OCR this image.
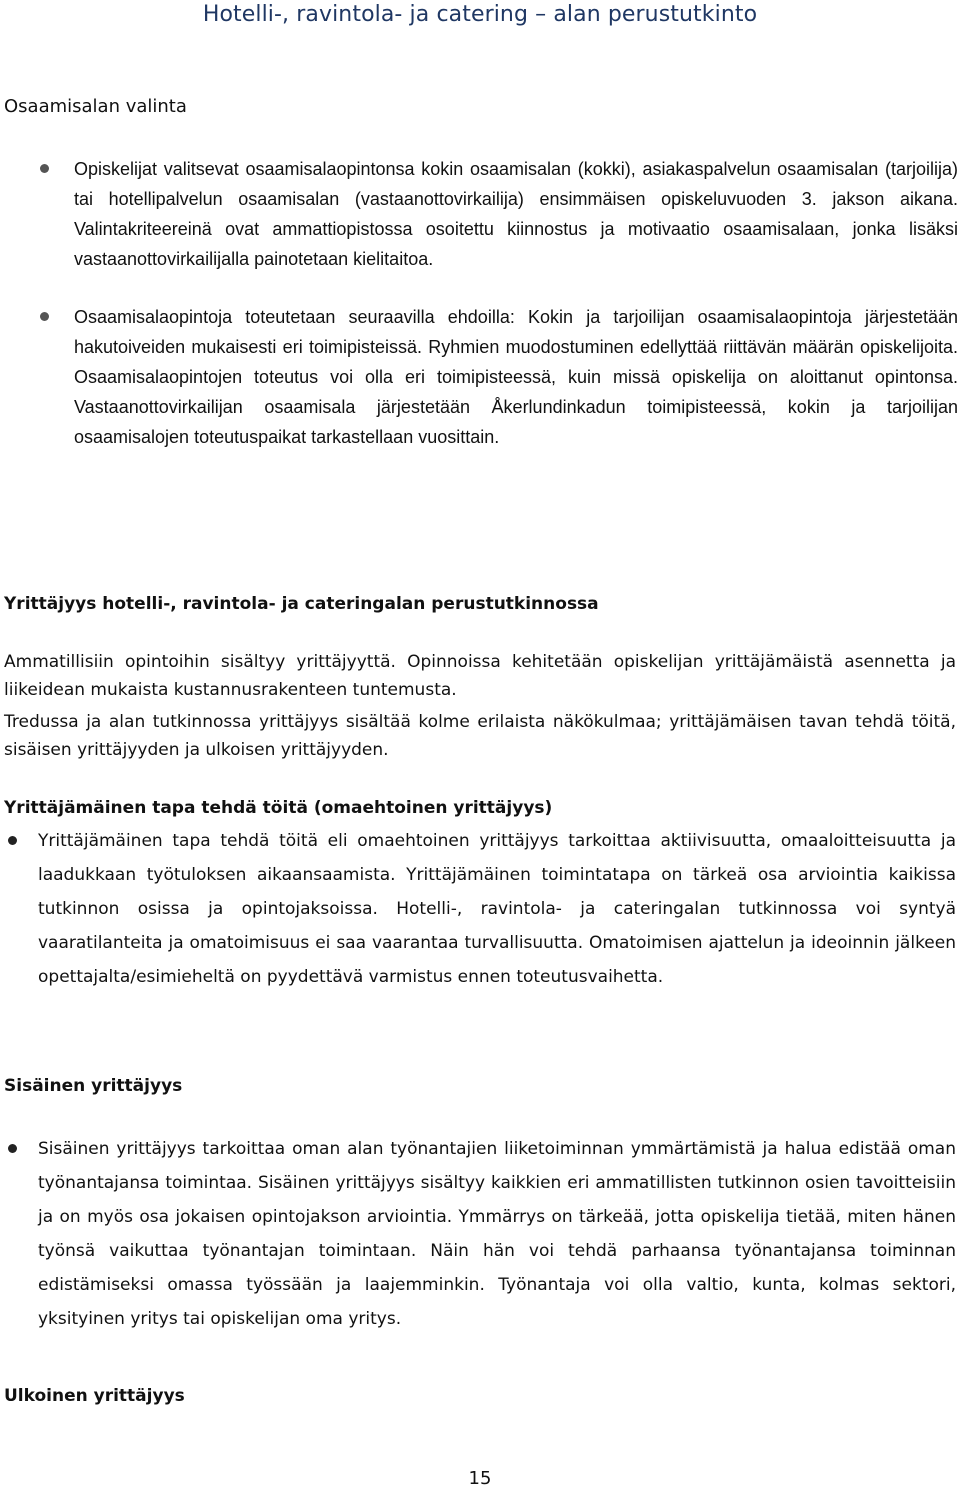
Hotelli-, ravintola- ja catering – alan perustutkinto
Osaamisalan valinta
Opiskelijat valitsevat osaamisalaopintonsa kokin osaamisalan (kokki), asiakaspalvelun osaamisalan (tarjoilija) tai hotellipalvelun osaamisalan (vastaanottovirkailija) ensimmäisen opiskeluvuoden 3. jakson aikana. Valintakriteereinä ovat ammattiopistossa osoitettu kiinnostus ja motivaatio osaamisalaan, jonka lisäksi vastaanottovirkailijalla painotetaan kielitaitoa.
Osaamisalaopintoja toteutetaan seuraavilla ehdoilla: Kokin ja tarjoilijan osaamisalaopintoja järjestetään hakutoiveiden mukaisesti eri toimipisteissä. Ryhmien muodostuminen edellyttää riittävän määrän opiskelijoita. Osaamisalaopintojen toteutus voi olla eri toimipisteessä, kuin missä opiskelija on aloittanut opintonsa. Vastaanottovirkailijan osaamisala järjestetään Åkerlundinkadun toimipisteessä, kokin ja tarjoilijan osaamisalojen toteutuspaikat tarkastellaan vuosittain.
Yrittäjyys hotelli-, ravintola- ja cateringalan perustutkinnossa
Ammatillisiin opintoihin sisältyy yrittäjyyttä. Opinnoissa kehitetään opiskelijan yrittäjämäistä asennetta ja liikeidean mukaista kustannusrakenteen tuntemusta.
Tredussa ja alan tutkinnossa yrittäjyys sisältää kolme erilaista näkökulmaa; yrittäjämäisen tavan tehdä töitä, sisäisen yrittäjyyden ja ulkoisen yrittäjyyden.
Yrittäjämäinen tapa tehdä töitä (omaehtoinen yrittäjyys)
Yrittäjämäinen tapa tehdä töitä eli omaehtoinen yrittäjyys tarkoittaa aktiivisuutta, omaaloitteisuutta ja laadukkaan työtuloksen aikaansaamista. Yrittäjämäinen toimintatapa on tärkeä osa arviointia kaikissa tutkinnon osissa ja opintojaksoissa. Hotelli-, ravintola- ja cateringalan tutkinnossa voi syntyä vaaratilanteita ja omatoimisuus ei saa vaarantaa turvallisuutta. Omatoimisen ajattelun ja ideoinnin jälkeen opettajalta/esimieheltä on pyydettävä varmistus ennen toteutusvaihetta.
Sisäinen yrittäjyys
Sisäinen yrittäjyys tarkoittaa oman alan työnantajien liiketoiminnan ymmärtämistä ja halua edistää oman työnantajansa toimintaa. Sisäinen yrittäjyys sisältyy kaikkien eri ammatillisten tutkinnon osien tavoitteisiin ja on myös osa jokaisen opintojakson arviointia. Ymmärrys on tärkeää, jotta opiskelija tietää, miten hänen työnsä vaikuttaa työnantajan toimintaan. Näin hän voi tehdä parhaansa työnantajansa toiminnan edistämiseksi omassa työssään ja laajemminkin. Työnantaja voi olla valtio, kunta, kolmas sektori, yksityinen yritys tai opiskelijan oma yritys.
Ulkoinen yrittäjyys
15
